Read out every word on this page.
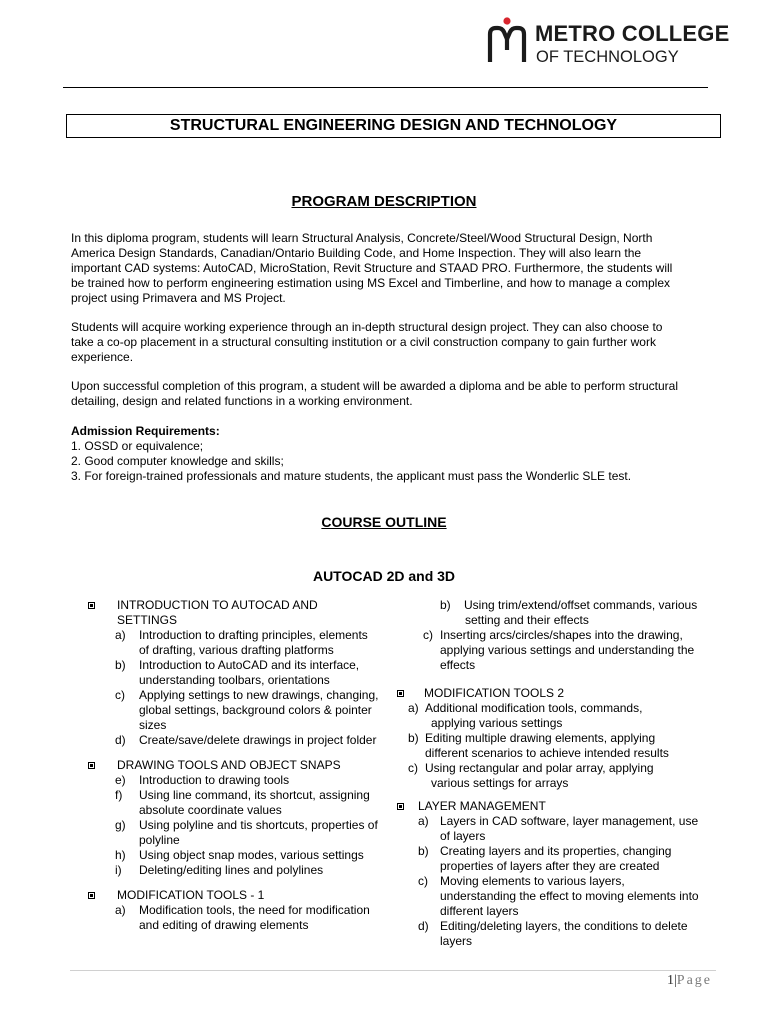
METRO COLLEGE
OF TECHNOLOGY
STRUCTURAL ENGINEERING DESIGN AND TECHNOLOGY
PROGRAM DESCRIPTION

In this diploma program, students will learn Structural Analysis, Concrete/Steel/Wood Structural Design, North

America Design Standards, Canadian/Ontario Building Code, and Home Inspection. They will also learn the

important CAD systems: AutoCAD, MicroStation, Revit Structure and STAAD PRO. Furthermore, the students will

be trained how to perform engineering estimation using MS Excel and Timberline, and how to manage a complex

project using Primavera and MS Project.

Students will acquire working experience through an in-depth structural design project. They can also choose to

take a co-op placement in a structural consulting institution or a civil construction company to gain further work

experience.

Upon successful completion of this program, a student will be awarded a diploma and be able to perform structural

detailing, design and related functions in a working environment.

Admission Requirements:

1. OSSD or equivalence;

2. Good computer knowledge and skills;

3. For foreign-trained professionals and mature students, the applicant must pass the Wonderlic SLE test.

COURSE OUTLINE
AUTOCAD 2D and 3D
INTRODUCTION TO AUTOCAD AND
SETTINGS
a)	Introduction to drafting principles, elements
of drafting, various drafting platforms
b)	Introduction to AutoCAD and its interface,
understanding toolbars, orientations
c)	Applying settings to new drawings, changing,
global settings, background colors & pointer
sizes
d)	Create/save/delete drawings in project folder
DRAWING TOOLS AND OBJECT SNAPS
e)	Introduction to drawing tools
f)	Using line command, its shortcut, assigning
absolute coordinate values
g)	Using polyline and tis shortcuts, properties of
polyline
h)	Using object snap modes, various settings
i)	Deleting/editing lines and polylines
MODIFICATION TOOLS - 1
a)	Modification tools, the need for modification
and editing of drawing elements
b)	Using trim/extend/offset commands, various
setting and their effects
c) Inserting arcs/circles/shapes into the drawing,
applying various settings and understanding the
effects
MODIFICATION TOOLS 2
a) Additional modification tools, commands,
applying various settings
b) Editing multiple drawing elements, applying
different scenarios to achieve intended results
c) Using rectangular and polar array, applying
various settings for arrays
LAYER MANAGEMENT
a) Layers in CAD software, layer management, use
of layers
b) Creating layers and its properties, changing
properties of layers after they are created
c)	Moving elements to various layers,
understanding the effect to moving elements into
different layers
d) Editing/deleting layers, the conditions to delete
layers
1|Page
